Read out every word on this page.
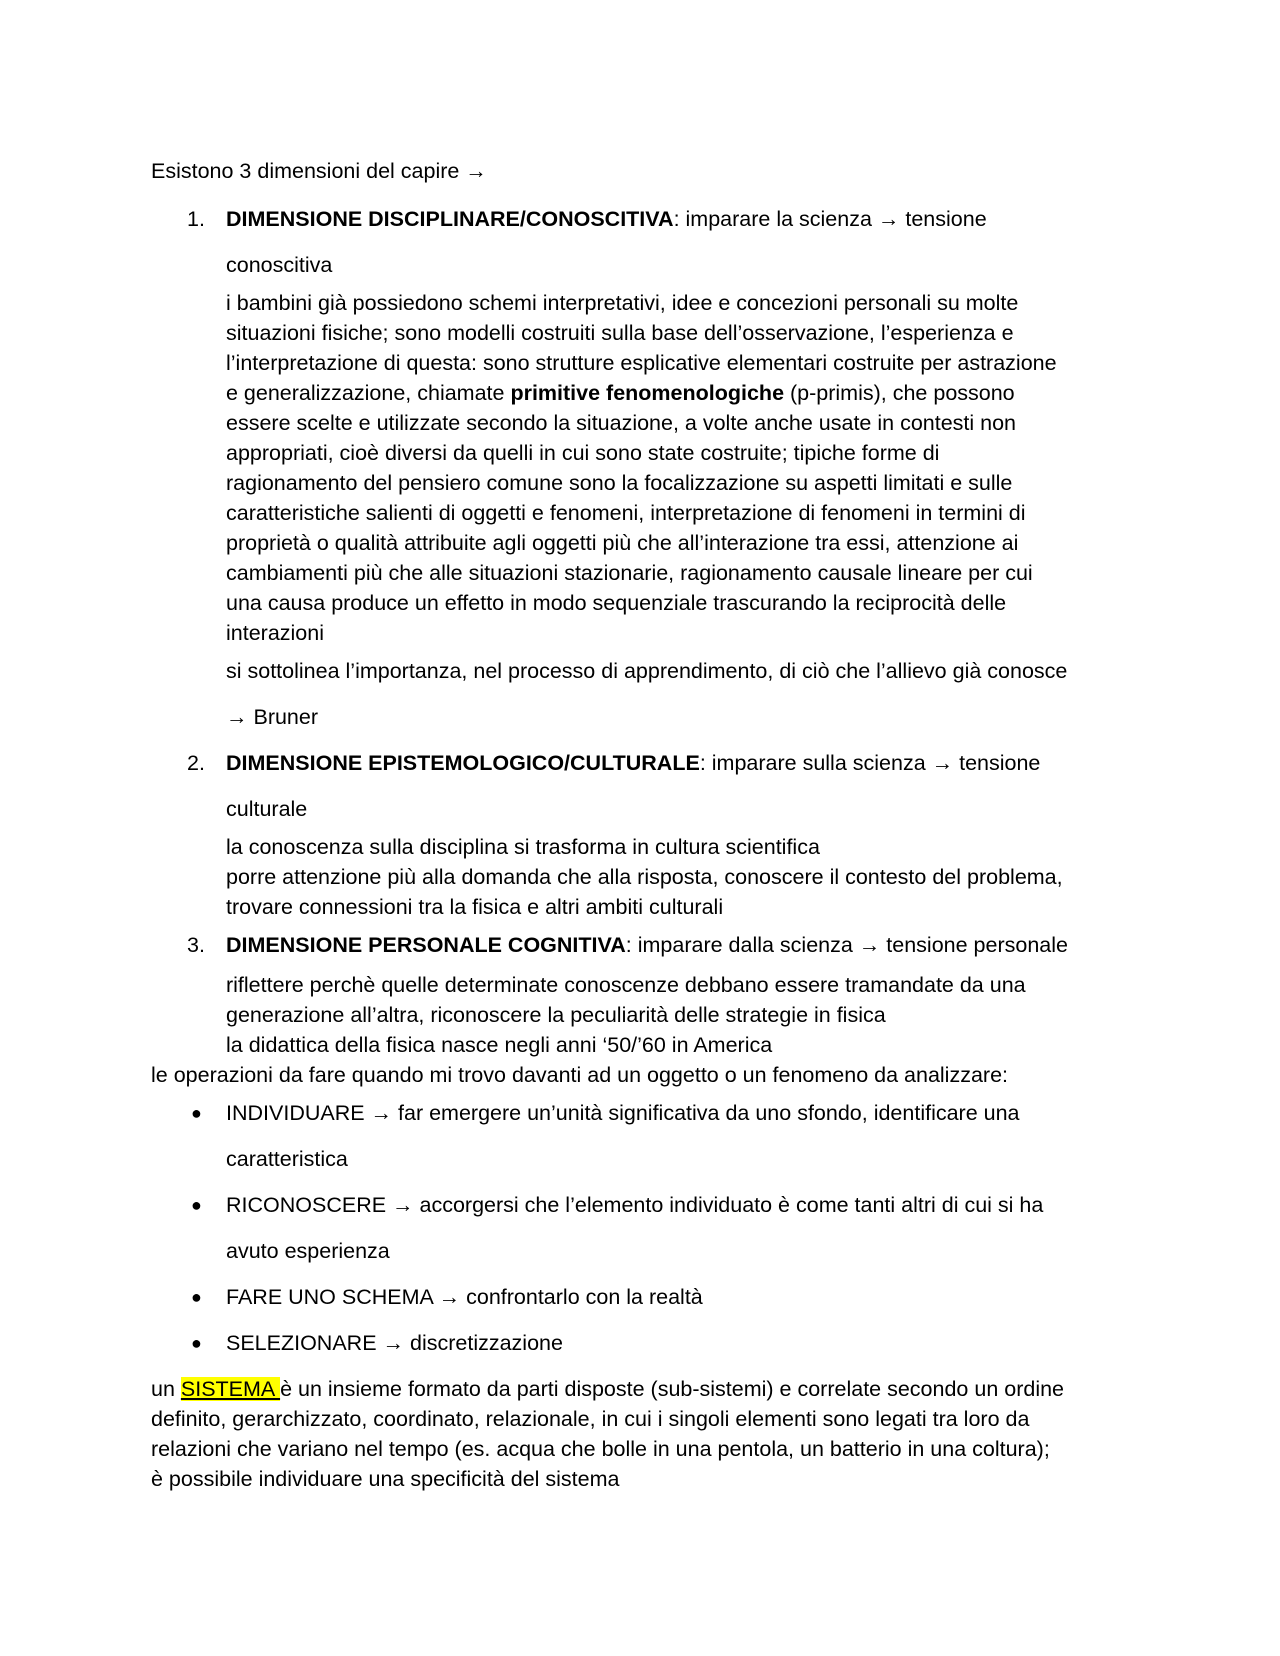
Esistono 3 dimensioni del capire →

1. DIMENSIONE DISCIPLINARE/CONOSCITIVA: imparare la scienza → tensione

conoscitiva

i bambini già possiedono schemi interpretativi, idee e concezioni personali su molte

situazioni fisiche; sono modelli costruiti sulla base dell’osservazione, l’esperienza e

l’interpretazione di questa: sono strutture esplicative elementari costruite per astrazione

e generalizzazione, chiamate primitive fenomenologiche (p-primis), che possono

essere scelte e utilizzate secondo la situazione, a volte anche usate in contesti non

appropriati, cioè diversi da quelli in cui sono state costruite; tipiche forme di

ragionamento del pensiero comune sono la focalizzazione su aspetti limitati e sulle

caratteristiche salienti di oggetti e fenomeni, interpretazione di fenomeni in termini di

proprietà o qualità attribuite agli oggetti più che all’interazione tra essi, attenzione ai

cambiamenti più che alle situazioni stazionarie, ragionamento causale lineare per cui

una causa produce un effetto in modo sequenziale trascurando la reciprocità delle

interazioni

si sottolinea l’importanza, nel processo di apprendimento, di ciò che l’allievo già conosce

→ Bruner

2. DIMENSIONE EPISTEMOLOGICO/CULTURALE: imparare sulla scienza → tensione

culturale

la conoscenza sulla disciplina si trasforma in cultura scientifica

porre attenzione più alla domanda che alla risposta, conoscere il contesto del problema,

trovare connessioni tra la fisica e altri ambiti culturali

3. DIMENSIONE PERSONALE COGNITIVA: imparare dalla scienza → tensione personale

riflettere perchè quelle determinate conoscenze debbano essere tramandate da una

generazione all’altra, riconoscere la peculiarità delle strategie in fisica

la didattica della fisica nasce negli anni ‘50/’60 in America

le operazioni da fare quando mi trovo davanti ad un oggetto o un fenomeno da analizzare:

● INDIVIDUARE → far emergere un’unità significativa da uno sfondo, identificare una

caratteristica

● RICONOSCERE → accorgersi che l’elemento individuato è come tanti altri di cui si ha

avuto esperienza

● FARE UNO SCHEMA → confrontarlo con la realtà

● SELEZIONARE → discretizzazione

un SISTEMA è un insieme formato da parti disposte (sub-sistemi) e correlate secondo un ordine

definito, gerarchizzato, coordinato, relazionale, in cui i singoli elementi sono legati tra loro da

relazioni che variano nel tempo (es. acqua che bolle in una pentola, un batterio in una coltura);

è possibile individuare una specificità del sistema
